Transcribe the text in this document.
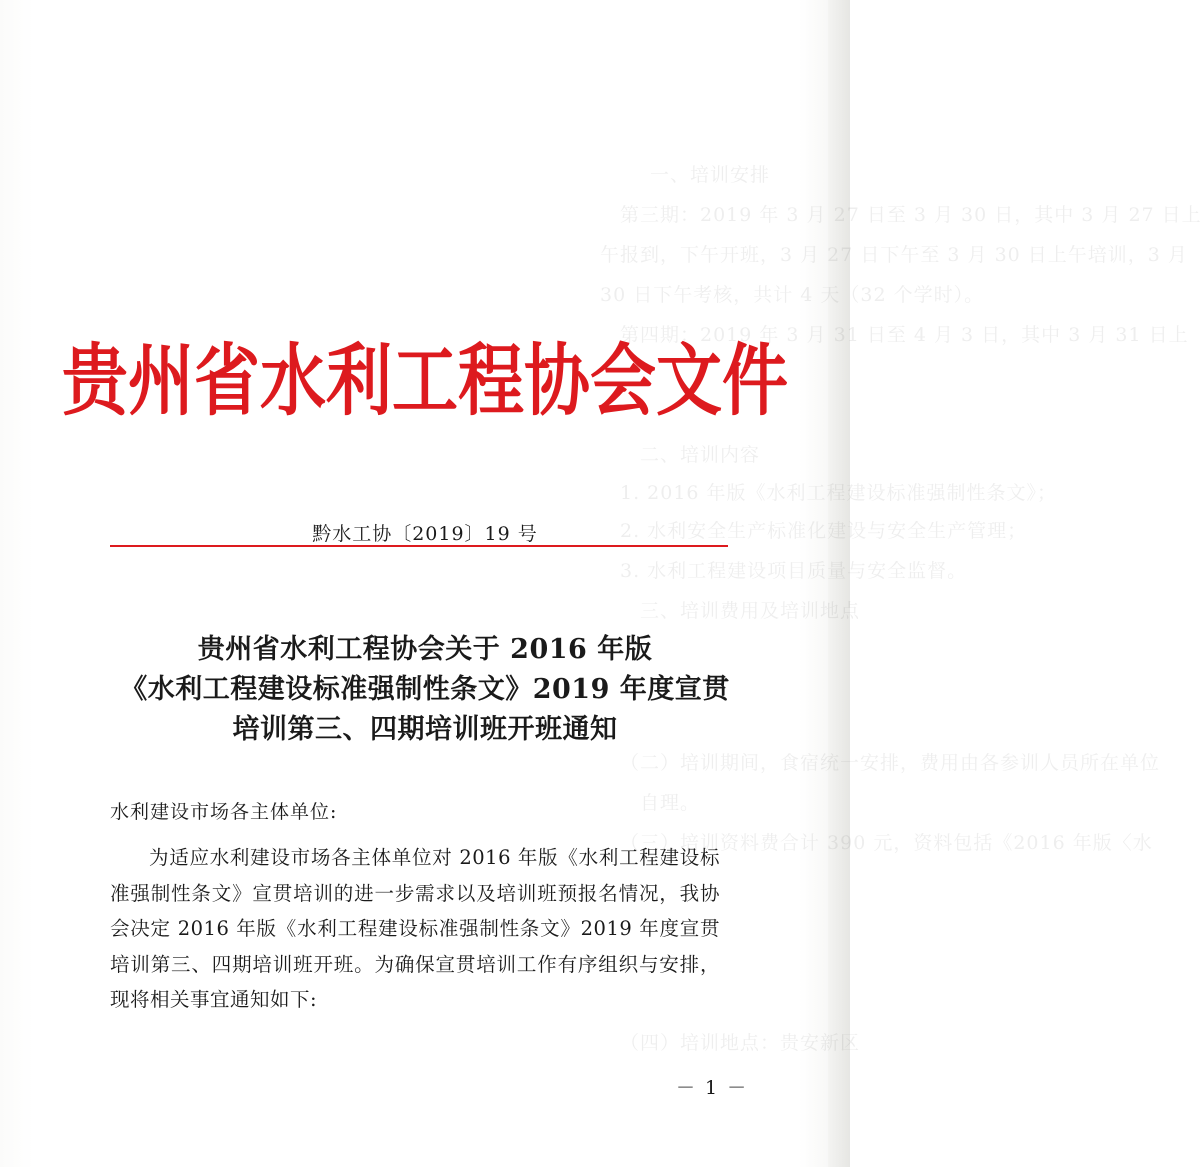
第三期：2019 年 3 月 27 日至 3 月 30 日，其中 3 月 27 日上
午报到，下午开班，3 月 27 日下午至 3 月 30 日上午培训，3 月
天（32 个学时）。
第四期：2019 年 3 月 31 日至 4 月 3 日，其中 3 月 31 日上
年版《水利工程建设标准强制性条文》；
（二）培训期间，食宿统一安排，费用由各参训人员所在单位
（三）培训资料费合计 390 元，资料包括《2016 年版〈水
贵州省水利工程协会文件
黔水工协〔2019〕19 号
贵州省水利工程协会关于 2016 年版
《水利工程建设标准强制性条文》2019 年度宣贯
培训第三、四期培训班开班通知
水利建设市场各主体单位:
为适应水利建设市场各主体单位对 2016 年版《水利工程建设标准强制性条文》宣贯培训的进一步需求以及培训班预报名情况，我协会决定 2016 年版《水利工程建设标准强制性条文》2019 年度宣贯培训第三、四期培训班开班。为确保宣贯培训工作有序组织与安排，现将相关事宜通知如下:
－ 1 －
